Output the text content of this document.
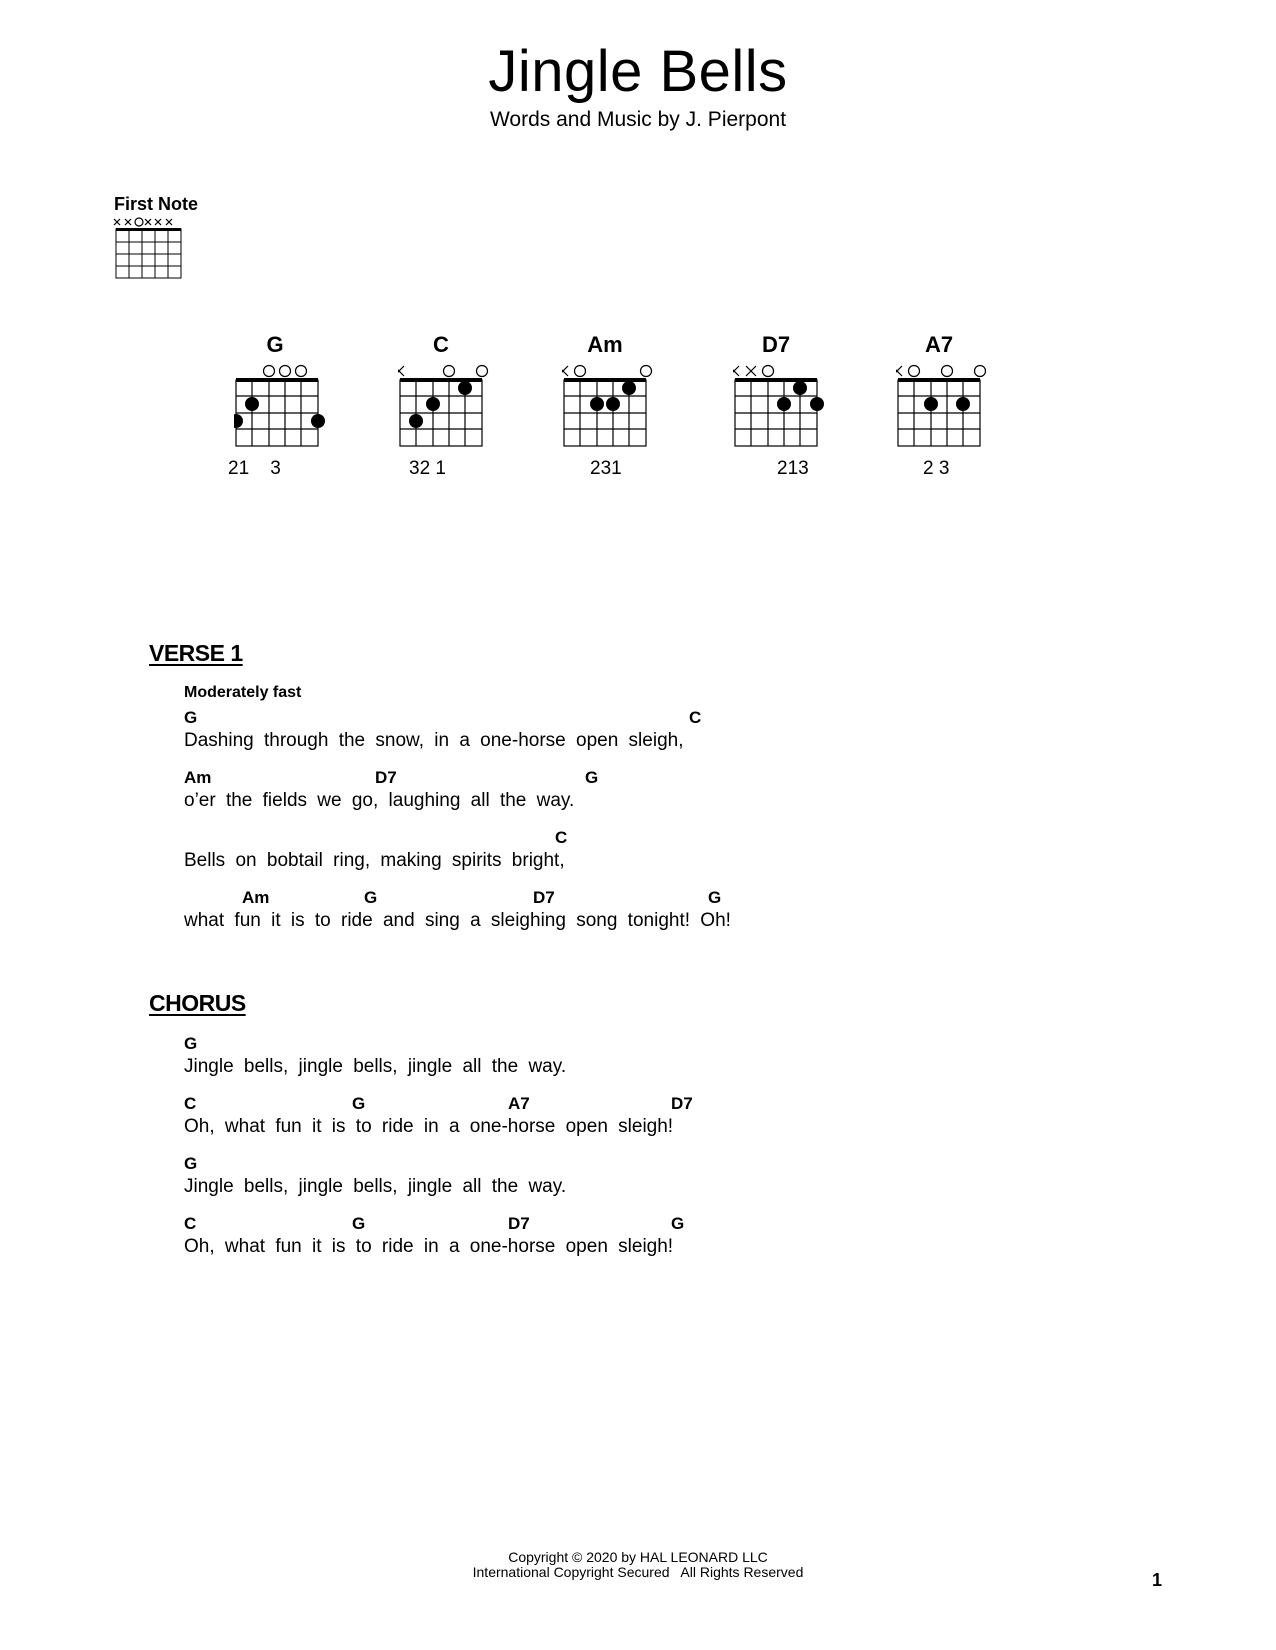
Jingle Bells
Words and Music by J. Pierpont
First Note
G
21    3
C
32 1
Am
231
D7
213
A7
2 3
VERSE 1
Moderately fast
G	C
Dashing through the snow, in a one-horse open sleigh,
Am	D7	G
o’er the fields we go, laughing all the way.
C
Bells on bobtail ring, making spirits bright,
Am	G	D7	G
what fun it is to ride and sing a sleighing song tonight! Oh!
CHORUS
G
Jingle bells, jingle bells, jingle all the way.
C	G	A7	D7
Oh, what fun it is to ride in a one-horse open sleigh!
G
Jingle bells, jingle bells, jingle all the way.
C	G	D7	G
Oh, what fun it is to ride in a one-horse open sleigh!
Copyright © 2020 by HAL LEONARD LLC
International Copyright Secured   All Rights Reserved	1
